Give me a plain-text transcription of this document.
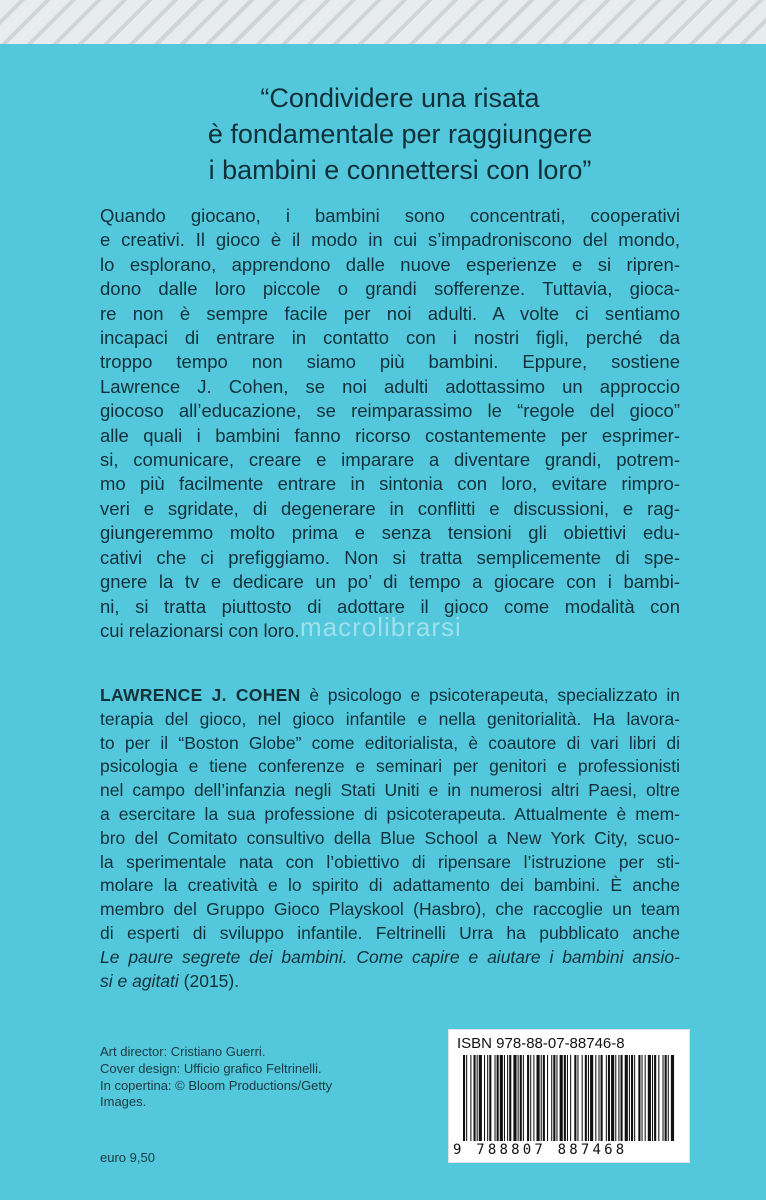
“Condividere una risata
è fondamentale per raggiungere
i bambini e connettersi con loro”
Quando giocano, i bambini sono concentrati, cooperativi
e creativi. Il gioco è il modo in cui s’impadroniscono del mondo,
lo esplorano, apprendono dalle nuove esperienze e si ripren-
dono dalle loro piccole o grandi sofferenze. Tuttavia, gioca-
re non è sempre facile per noi adulti. A volte ci sentiamo
incapaci di entrare in contatto con i nostri figli, perché da
troppo tempo non siamo più bambini. Eppure, sostiene
Lawrence J. Cohen, se noi adulti adottassimo un approccio
giocoso all’educazione, se reimparassimo le “regole del gioco”
alle quali i bambini fanno ricorso costantemente per esprimer-
si, comunicare, creare e imparare a diventare grandi, potrem-
mo più facilmente entrare in sintonia con loro, evitare rimpro-
veri e sgridate, di degenerare in conflitti e discussioni, e rag-
giungeremmo molto prima e senza tensioni gli obiettivi edu-
cativi che ci prefiggiamo. Non si tratta semplicemente di spe-
gnere la tv e dedicare un po’ di tempo a giocare con i bambi-
ni, si tratta piuttosto di adottare il gioco come modalità con
cui relazionarsi con loro. macrolibrarsi
LAWRENCE J. COHEN è psicologo e psicoterapeuta, specializzato in
terapia del gioco, nel gioco infantile e nella genitorialità. Ha lavora-
to per il “Boston Globe” come editorialista, è coautore di vari libri di
psicologia e tiene conferenze e seminari per genitori e professionisti
nel campo dell’infanzia negli Stati Uniti e in numerosi altri Paesi, oltre
a esercitare la sua professione di psicoterapeuta. Attualmente è mem-
bro del Comitato consultivo della Blue School a New York City, scuo-
la sperimentale nata con l’obiettivo di ripensare l’istruzione per sti-
molare la creatività e lo spirito di adattamento dei bambini. È anche
membro del Gruppo Gioco Playskool (Hasbro), che raccoglie un team
di esperti di sviluppo infantile. Feltrinelli Urra ha pubblicato anche
Le paure segrete dei bambini. Come capire e aiutare i bambini ansio-
si e agitati (2015).
Art director: Cristiano Guerri.
Cover design: Ufficio grafico Feltrinelli.
In copertina: © Bloom Productions/Getty
Images.
euro 9,50
ISBN 978-88-07-88746-8
9 788807 887468
